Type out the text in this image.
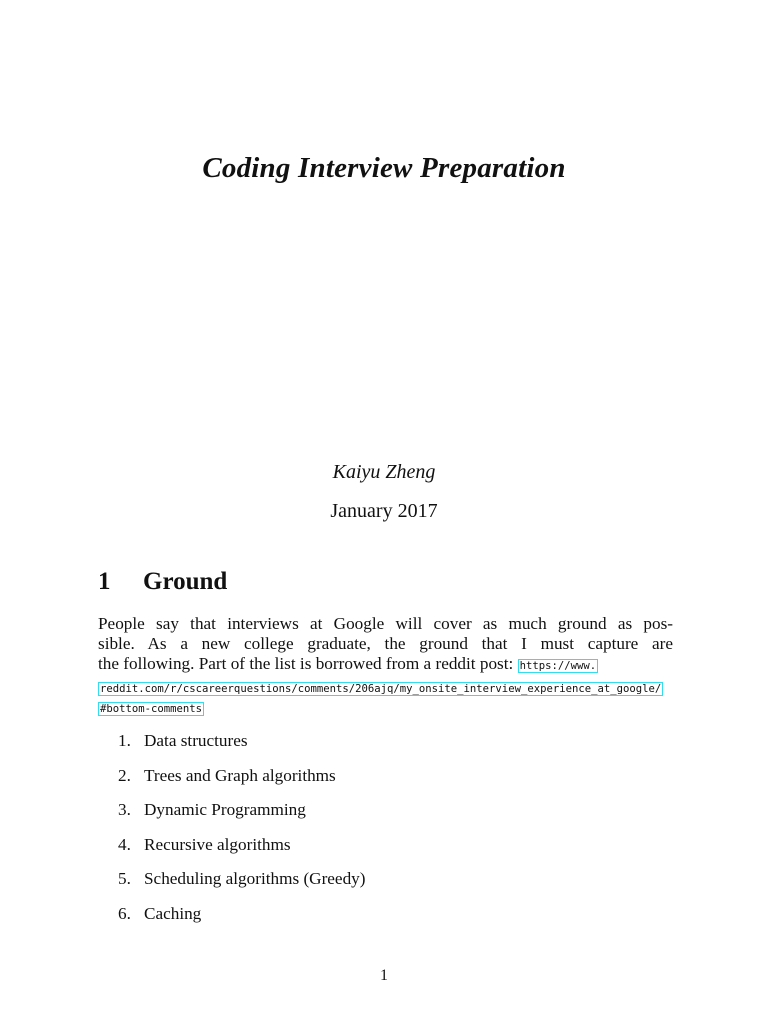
Coding Interview Preparation
Kaiyu Zheng
January 2017
1 Ground
People say that interviews at Google will cover as much ground as pos-
sible. As a new college graduate, the ground that I must capture are
the following. Part of the list is borrowed from a reddit post: https://www.
reddit.com/r/cscareerquestions/comments/206ajq/my_onsite_interview_experience_at_google/
#bottom-comments
1. Data structures
2. Trees and Graph algorithms
3. Dynamic Programming
4. Recursive algorithms
5. Scheduling algorithms (Greedy)
6. Caching
1
